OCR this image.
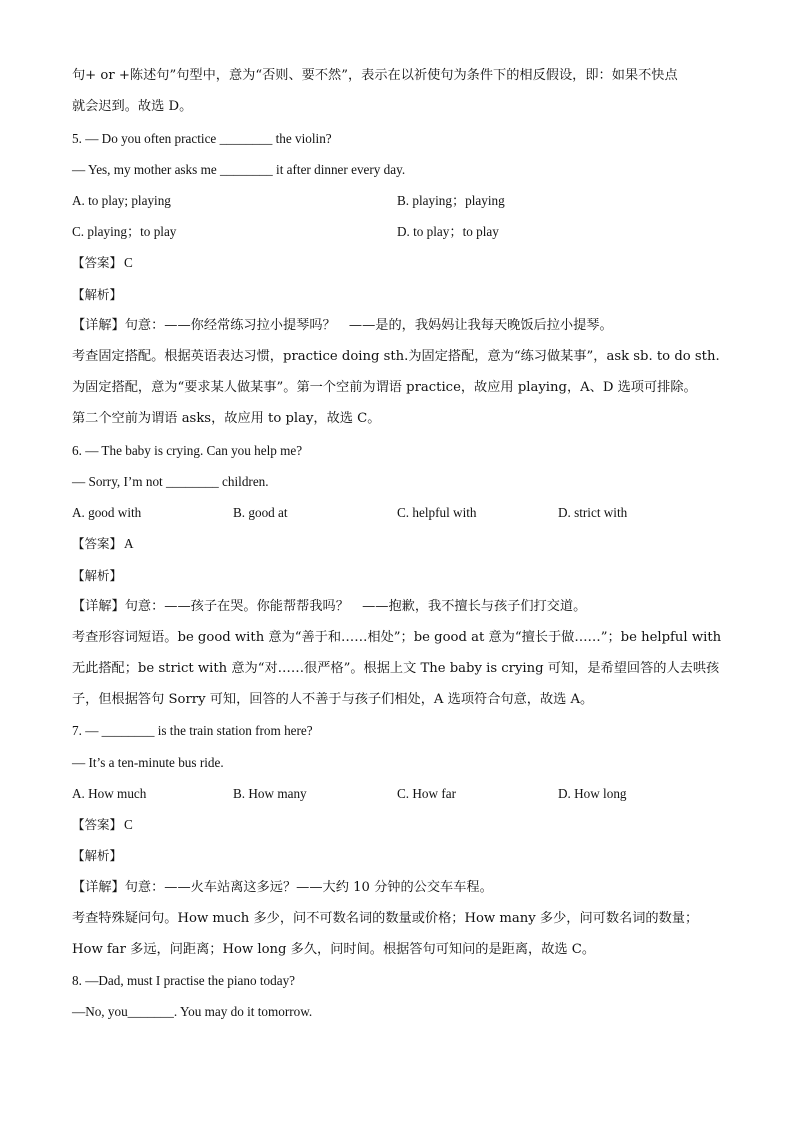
句+ or +陈述句”句型中，意为“否则、要不然”，表示在以祈使句为条件下的相反假设，即：如果不快点
就会迟到。故选 D。
5. — Do you often practice ________ the violin?
— Yes, my mother asks me ________ it after dinner every day.
A. to play; playing	B. playing；playing
C. playing；to play	D. to play；to play
【答案】 C
【解析】
【详解】句意：——你经常练习拉小提琴吗？　——是的，我妈妈让我每天晚饭后拉小提琴。
考查固定搭配。根据英语表达习惯，practice doing sth.为固定搭配，意为“练习做某事”，ask sb. to do sth.
为固定搭配，意为“要求某人做某事”。第一个空前为谓语 practice，故应用 playing，A、D 选项可排除。
第二个空前为谓语 asks，故应用 to play，故选 C。
6. — The baby is crying. Can you help me?
— Sorry, I’m not ________ children.
A. good with	B. good at	C. helpful with	D. strict with
【答案】 A
【解析】
【详解】句意：——孩子在哭。你能帮帮我吗？　——抱歉，我不擅长与孩子们打交道。
考查形容词短语。be good with 意为“善于和……相处”；be good at 意为“擅长于做……”；be helpful with
无此搭配；be strict with 意为“对……很严格”。根据上文 The baby is crying 可知，是希望回答的人去哄孩
子，但根据答句 Sorry 可知，回答的人不善于与孩子们相处，A 选项符合句意，故选 A。
7. — ________ is the train station from here?
— It’s a ten-minute bus ride.
A. How much	B. How many	C. How far	D. How long
【答案】 C
【解析】
【详解】句意：——火车站离这多远？——大约 10 分钟的公交车车程。
考查特殊疑问句。How much 多少，问不可数名词的数量或价格；How many 多少，问可数名词的数量；
How far 多远，问距离；How long 多久，问时间。根据答句可知问的是距离，故选 C。
8. —Dad, must I practise the piano today?
—No, you_______. You may do it tomorrow.
